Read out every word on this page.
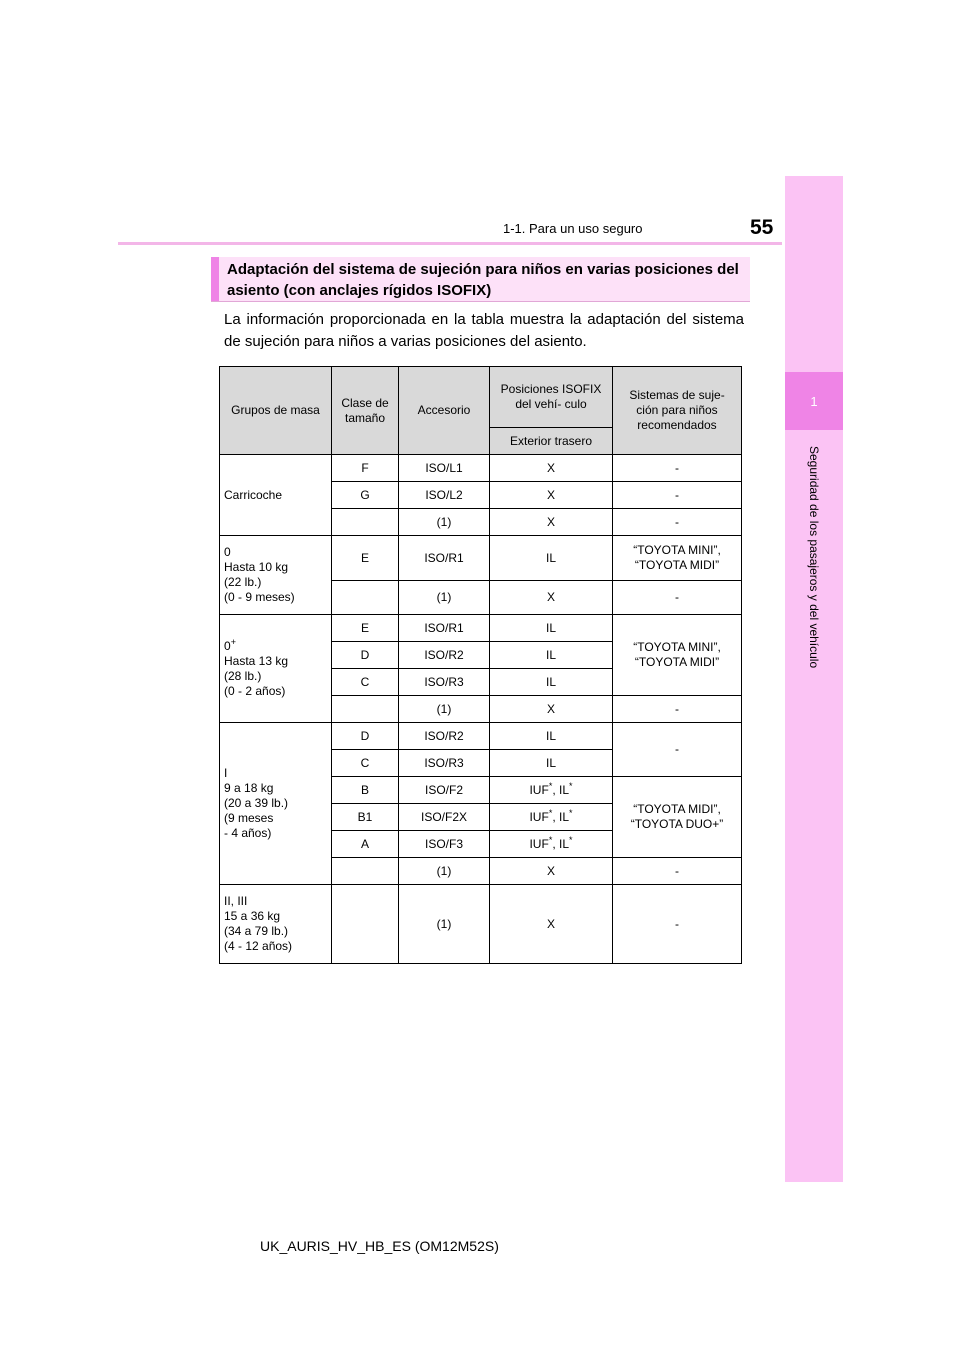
55
1-1. Para un uso seguro
1
Seguridad de los pasajeros y del vehículo
Adaptación del sistema de sujeción para niños en varias posiciones del asiento (con anclajes rígidos ISOFIX)
La información proporcionada en la tabla muestra la adaptación del sistema de sujeción para niños a varias posiciones del asiento.
Grupos de masa	Clase de tamaño	Accesorio	Posiciones ISOFIX del vehí- culo	Sistemas de suje- ción para niños recomendados
			Exterior trasero	
Carricoche	F	ISO/L1	X	-
	G	ISO/L2	X	-
		(1)	X	-
0
Hasta 10 kg
(22 lb.)
(0 - 9 meses)	E	ISO/R1	IL	“TOYOTA MINI”,
“TOYOTA MIDI”
		(1)	X	-
0+
Hasta 13 kg
(28 lb.)
(0 - 2 años)	E	ISO/R1	IL	“TOYOTA MINI”,
“TOYOTA MIDI”
	D	ISO/R2	IL	
	C	ISO/R3	IL	
		(1)	X	-
I
9 a 18 kg
(20 a 39 lb.)
(9 meses
- 4 años)	D	ISO/R2	IL	-
	C	ISO/R3	IL	
	B	ISO/F2	IUF*, IL*	“TOYOTA MIDI”,
“TOYOTA DUO+”
	B1	ISO/F2X	IUF*, IL*
	A	ISO/F3	IUF*, IL*
		(1)	X	-
II, III
15 a 36 kg
(34 a 79 lb.)
(4 - 12 años)		(1)	X	-
UK_AURIS_HV_HB_ES (OM12M52S)
